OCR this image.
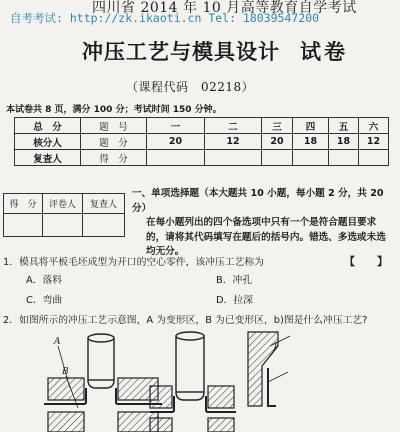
四川省 2014 年 10 月高等教育自学考试
自考考试: http://zk.ikaoti.cn Tel: 18039547200
冲压工艺与模具设计 试卷
（课程代码　02218）
本试卷共 8 页，满分 100 分；考试时间 150 分钟。
总　分	题　号	一	二	三	四	五	六
核分人	题　分	20	12	20	18	18	12
复查人	得　分						
得　分	评卷人	复查人

一、单项选择题（本大题共 10 小题，每小题 2 分，共 20 分）
在每小题列出的四个备选项中只有一个是符合题目要求的，请将其代码填写在题后的括号内。错选、多选或未选均无分。
1．模具将平板毛坯成型为开口的空心零件，该冲压工艺称为	【　　】
A．落料	B．冲孔
C．弯曲	D．拉深
2．如图所示的冲压工艺示意图，A 为变形区，B 为已变形区，b)图是什么冲压工艺?
A
B
